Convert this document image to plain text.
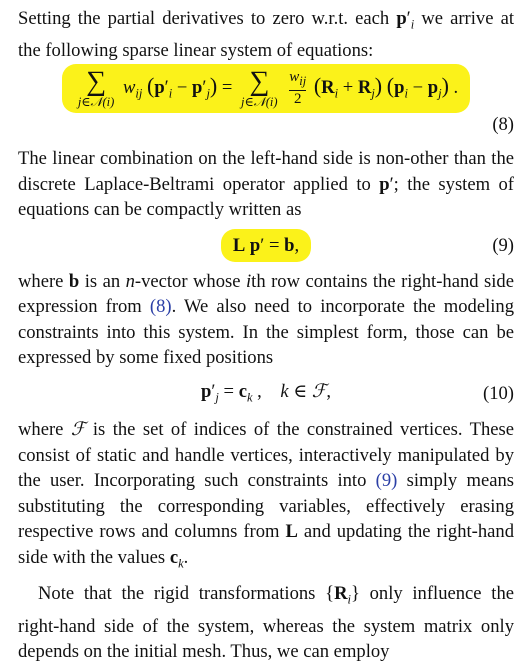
Setting the partial derivatives to zero w.r.t. each $p'_i$ we arrive at the following sparse linear system of equations:

∑
j∈𝒩(i)
$w_{ij}$ $(p'_i - p'_j)$ = ∑
j∈𝒩(i)
$\frac{w_{ij}}{2} (R_i + R_j) (p_i - p_j)$ .
(8)

The linear combination on the left-hand side is non-other than the discrete Laplace-Beltrami operator applied to p′; the system of equations can be compactly written as

L p′ = b,	(9)

where b is an n-vector whose ith row contains the right-hand side expression from (8). We also need to incorporate the modeling constraints into this system. In the simplest form, those can be expressed by some fixed positions

$p'_j = c_k$ ,    k ∈ ℱ,	(10)

where ℱ is the set of indices of the constrained vertices. These consist of static and handle vertices, interactively manipulated by the user. Incorporating such constraints into (9) simply means substituting the corresponding variables, effectively erasing respective rows and columns from L and updating the right-hand side with the values $c_k$.

Note that the rigid transformations $\{R_i\}$ only influence the right-hand side of the system, whereas the system matrix only depends on the initial mesh. Thus, we can employ
